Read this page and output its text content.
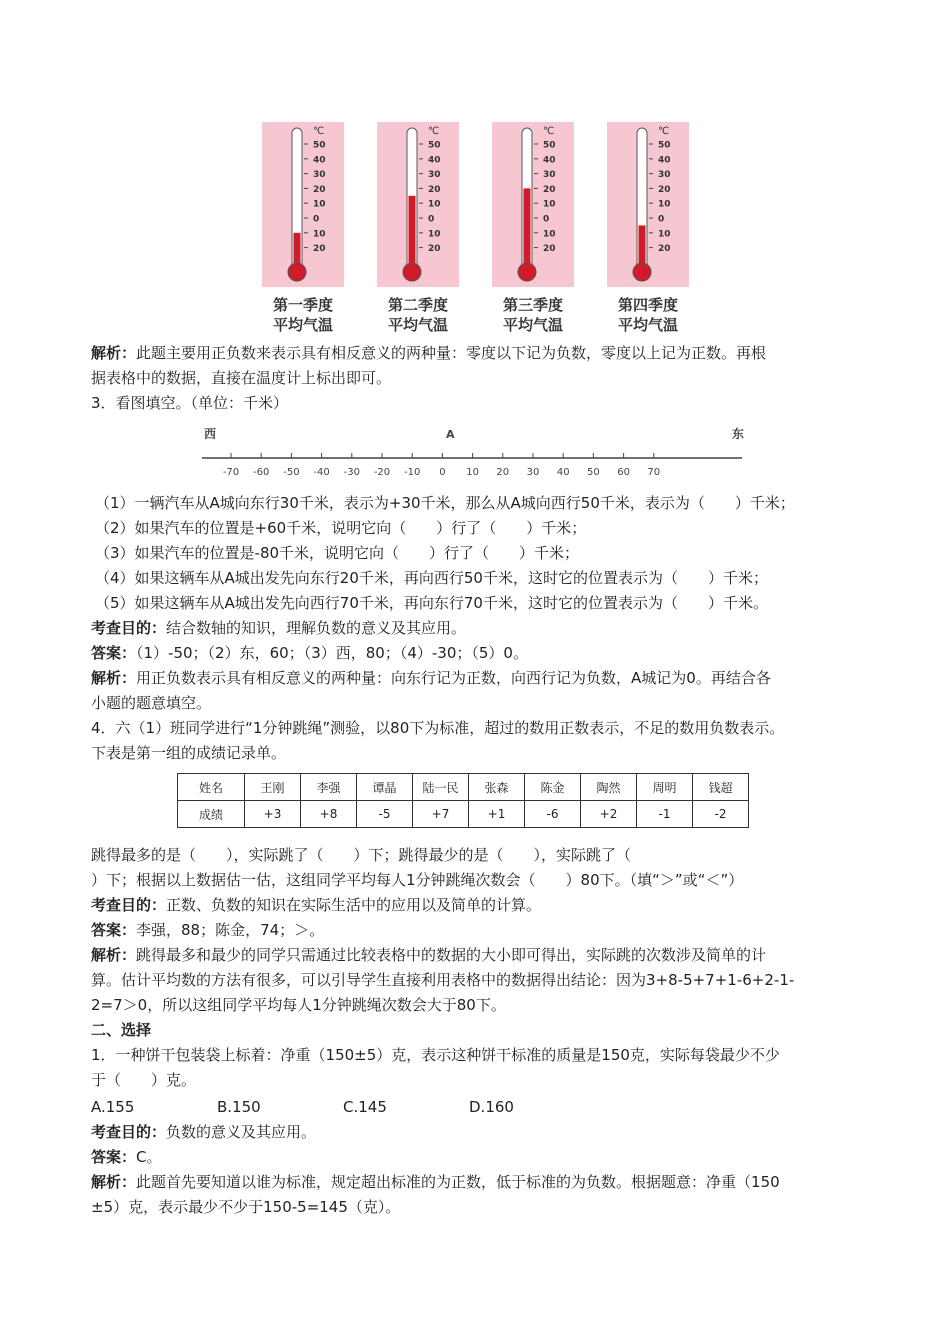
℃
50
40
30
20
10
0
10
20
第一季度
平均气温
℃
50
40
30
20
10
0
10
20
第二季度
平均气温
℃
50
40
30
20
10
0
10
20
第三季度
平均气温
℃
50
40
30
20
10
0
10
20
第四季度
平均气温
解析：此题主要用正负数来表示具有相反意义的两种量：零度以下记为负数，零度以上记为正数。再根
据表格中的数据，直接在温度计上标出即可。
3．看图填空。（单位：千米）
西	A	东
-70 -60 -50 -40 -30 -20 -10 0 10 20 30 40 50 60 70
（1）一辆汽车从A城向东行30千米，表示为+30千米，那么从A城向西行50千米，表示为（　　）千米；
（2）如果汽车的位置是+60千米，说明它向（　　）行了（　　）千米；
（3）如果汽车的位置是-80千米，说明它向（　　）行了（　　）千米；
（4）如果这辆车从A城出发先向东行20千米，再向西行50千米，这时它的位置表示为（　　）千米；
（5）如果这辆车从A城出发先向西行70千米，再向东行70千米，这时它的位置表示为（　　）千米。
考查目的：结合数轴的知识，理解负数的意义及其应用。
答案：（1）-50；（2）东，60；（3）西，80；（4）-30；（5）0。
解析：用正负数表示具有相反意义的两种量：向东行记为正数，向西行记为负数，A城记为0。再结合各
小题的题意填空。
4．六（1）班同学进行“1分钟跳绳”测验，以80下为标准，超过的数用正数表示，不足的数用负数表示。
下表是第一组的成绩记录单。
姓名	王刚	李强	谭晶	陆一民	张森	陈金	陶然	周明	钱超
成绩	+3	+8	-5	+7	+1	-6	+2	-1	-2
跳得最多的是（　　），实际跳了（　　）下；跳得最少的是（　　），实际跳了（
）下；根据以上数据估一估，这组同学平均每人1分钟跳绳次数会（　　）80下。（填“＞”或“＜”）
考查目的：正数、负数的知识在实际生活中的应用以及简单的计算。
答案：李强，88；陈金，74；＞。
解析：跳得最多和最少的同学只需通过比较表格中的数据的大小即可得出，实际跳的次数涉及简单的计
算。估计平均数的方法有很多，可以引导学生直接利用表格中的数据得出结论：因为3+8-5+7+1-6+2-1-
2=7＞0，所以这组同学平均每人1分钟跳绳次数会大于80下。
二、选择
1．一种饼干包装袋上标着：净重（150±5）克，表示这种饼干标准的质量是150克，实际每袋最少不少
于（　　）克。
A.155	B.150	C.145	D.160
考查目的：负数的意义及其应用。
答案：C。
解析：此题首先要知道以谁为标准，规定超出标准的为正数，低于标准的为负数。根据题意：净重（150
±5）克，表示最少不少于150-5=145（克）。
